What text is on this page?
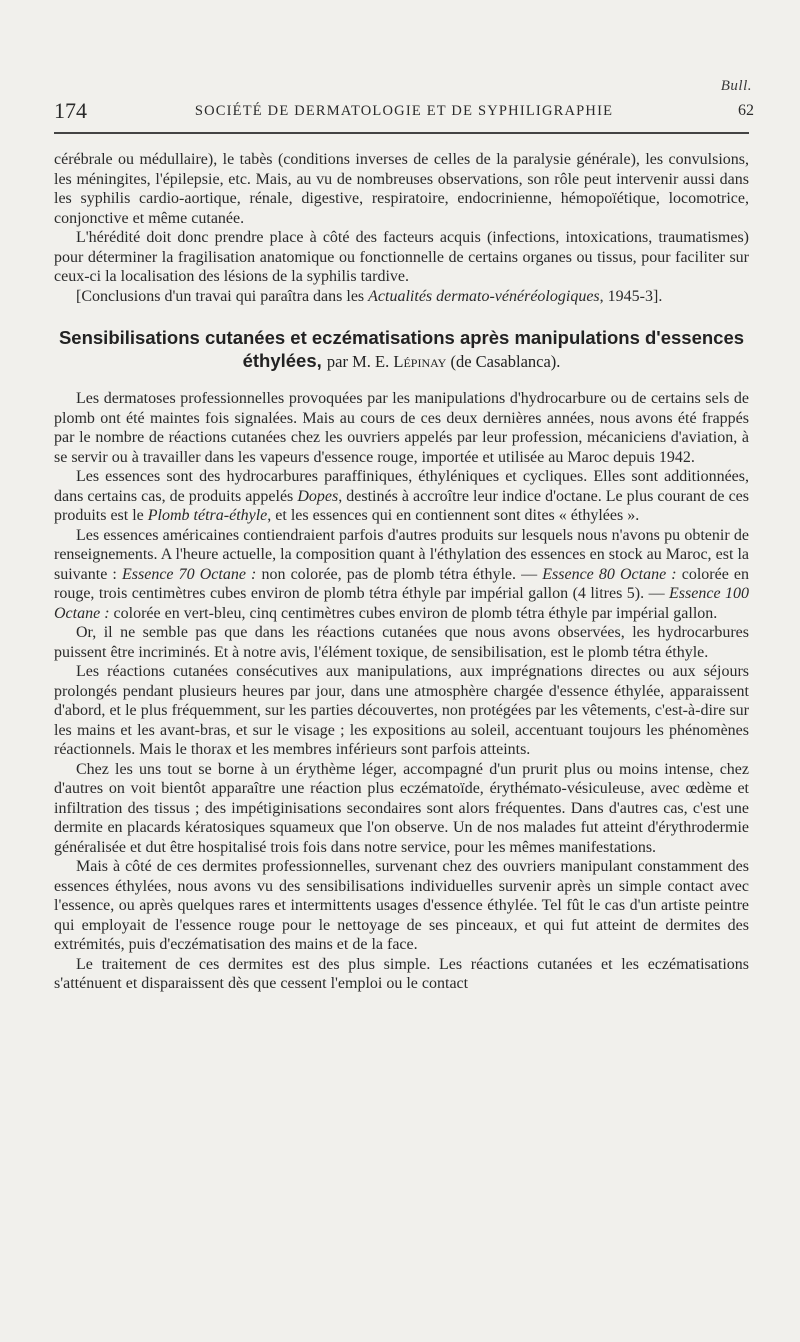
Bull.
174	SOCIÉTÉ DE DERMATOLOGIE ET DE SYPHILIGRAPHIE	62

cérébrale ou médullaire), le tabès (conditions inverses de celles de la paralysie générale), les convulsions, les méningites, l'épilepsie, etc. Mais, au vu de nombreuses observations, son rôle peut intervenir aussi dans les syphilis cardio-aortique, rénale, digestive, respiratoire, endocrinienne, hémopoïétique, locomotrice, conjonctive et même cutanée.

L'hérédité doit donc prendre place à côté des facteurs acquis (infections, intoxications, traumatismes) pour déterminer la fragilisation anatomique ou fonctionnelle de certains organes ou tissus, pour faciliter sur ceux-ci la localisation des lésions de la syphilis tardive.

[Conclusions d'un travai qui paraîtra dans les Actualités dermato-vénéréologiques, 1945-3].

Sensibilisations cutanées et eczématisations après manipulations d'essences éthylées, par M. E. Lépinay (de Casablanca).

Les dermatoses professionnelles provoquées par les manipulations d'hydrocarbure ou de certains sels de plomb ont été maintes fois signalées. Mais au cours de ces deux dernières années, nous avons été frappés par le nombre de réactions cutanées chez les ouvriers appelés par leur profession, mécaniciens d'aviation, à se servir ou à travailler dans les vapeurs d'essence rouge, importée et utilisée au Maroc depuis 1942.

Les essences sont des hydrocarbures paraffiniques, éthyléniques et cycliques. Elles sont additionnées, dans certains cas, de produits appelés Dopes, destinés à accroître leur indice d'octane. Le plus courant de ces produits est le Plomb tétra-éthyle, et les essences qui en contiennent sont dites « éthylées ».

Les essences américaines contiendraient parfois d'autres produits sur lesquels nous n'avons pu obtenir de renseignements. A l'heure actuelle, la composition quant à l'éthylation des essences en stock au Maroc, est la suivante : Essence 70 Octane : non colorée, pas de plomb tétra éthyle. — Essence 80 Octane : colorée en rouge, trois centimètres cubes environ de plomb tétra éthyle par impérial gallon (4 litres 5). — Essence 100 Octane : colorée en vert-bleu, cinq centimètres cubes environ de plomb tétra éthyle par impérial gallon.

Or, il ne semble pas que dans les réactions cutanées que nous avons observées, les hydrocarbures puissent être incriminés. Et à notre avis, l'élément toxique, de sensibilisation, est le plomb tétra éthyle.

Les réactions cutanées consécutives aux manipulations, aux imprégnations directes ou aux séjours prolongés pendant plusieurs heures par jour, dans une atmosphère chargée d'essence éthylée, apparaissent d'abord, et le plus fréquemment, sur les parties découvertes, non protégées par les vêtements, c'est-à-dire sur les mains et les avant-bras, et sur le visage ; les expositions au soleil, accentuant toujours les phénomènes réactionnels. Mais le thorax et les membres inférieurs sont parfois atteints.

Chez les uns tout se borne à un érythème léger, accompagné d'un prurit plus ou moins intense, chez d'autres on voit bientôt apparaître une réaction plus eczématoïde, érythémato-vésiculeuse, avec œdème et infiltration des tissus ; des impétiginisations secondaires sont alors fréquentes. Dans d'autres cas, c'est une dermite en placards kératosiques squameux que l'on observe. Un de nos malades fut atteint d'érythrodermie généralisée et dut être hospitalisé trois fois dans notre service, pour les mêmes manifestations.

Mais à côté de ces dermites professionnelles, survenant chez des ouvriers manipulant constamment des essences éthylées, nous avons vu des sensibilisations individuelles survenir après un simple contact avec l'essence, ou après quelques rares et intermittents usages d'essence éthylée. Tel fût le cas d'un artiste peintre qui employait de l'essence rouge pour le nettoyage de ses pinceaux, et qui fut atteint de dermites des extrémités, puis d'eczématisation des mains et de la face.

Le traitement de ces dermites est des plus simple. Les réactions cutanées et les eczématisations s'atténuent et disparaissent dès que cessent l'emploi ou le contact
